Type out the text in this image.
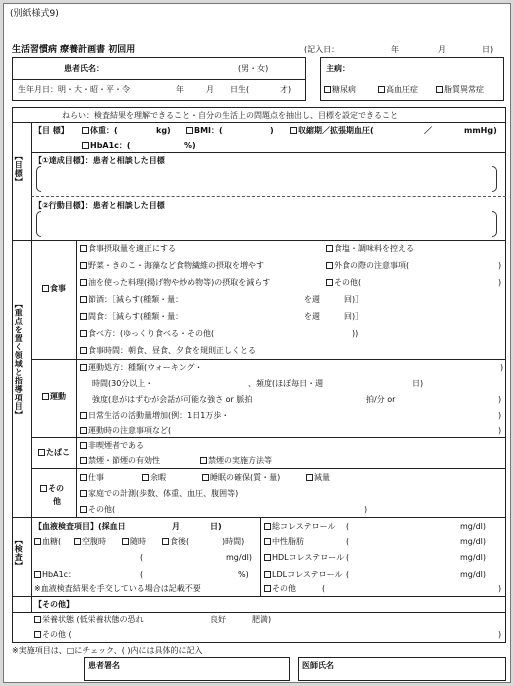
(別紙様式9)
生活習慣病 療養計画書 初回用	(記入日：	年	月	日)
患者氏名：	(男・女)
生年月日：明・大・昭・平・令	年	月 日生(	才)
主病：
糖尿病	高血圧症	脂質異常症
ねらい：検査結果を理解できること・自分の生活上の問題点を抽出し、目標を設定できること
【目標】
【目 標】	体重：(	kg)	BMI：(	)	収縮期／拡張期血圧(	／	mmHg)
HbA1c：(	%)
【①達成目標】：患者と相談した目標
【②行動目標】：患者と相談した目標
【重点を置く領域と指導項目】
食事
食事摂取量を適正にする
野菜・きのこ・海藻など食物繊維の摂取を増やす
油を使った料理(揚げ物や炒め物等)の摂取を減らす
節酒：［減らす(種類・量：	を週	回)］
間食：［減らす(種類・量：	を週	回)］
食べ方：(ゆっくり食べる・その他(	))
食事時間：朝食、昼食、夕食を規則正しくとる
食塩・調味料を控える
外食の際の注意事項(	)
その他(	)
運動
運動処方：種類(ウォーキング・	)
時間(30分以上・	、頻度(ほぼ毎日・週	日)
強度(息がはずむが会話が可能な強さ or 脈拍	拍/分 or	)
日常生活の活動量増加(例：1日1万歩・	)
運動時の注意事項など(	)
たばこ
非喫煙者である
禁煙・節煙の有効性	禁煙の実施方法等
その
他
仕事	余暇	睡眠の確保(質・量)	減量
家庭での計測(歩数、体重、血圧、腹囲等)
その他(	)
【検査】
【血液検査項目】(採血日	月	日)
血糖(	空腹時	随時	食後(	)時間)
(	mg/dl)
HbA1c：	(	%)
※血液検査結果を手交している場合は記載不要
総コレステロール (	mg/dl)
中性脂肪	(	mg/dl)
HDLコレステロール (	mg/dl)
LDLコレステロール (	mg/dl)
その他	(	)
【その他】
栄養状態 (低栄養状態の恐れ	良好	肥満)
その他 (	)
※実施項目は、□にチェック、( )内には具体的に記入
患者署名	医師氏名
